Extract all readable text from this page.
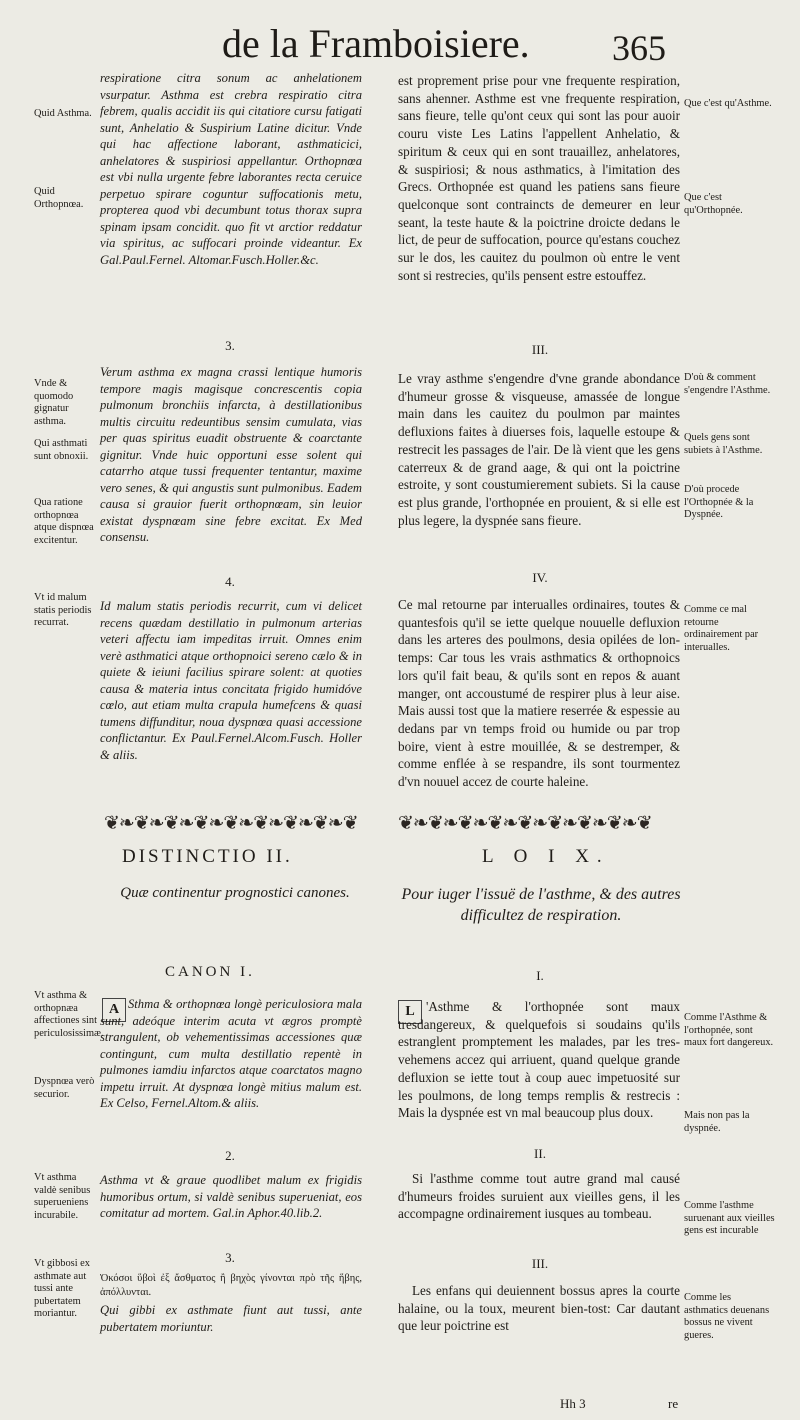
de la Framboisiere. 365
Quid Asthma.
Quid Orthopnœa.
Vnde & quomodo gignatur asthma.
Qui asthmati sunt obnoxii.
Qua ratione orthopnœa atque dispnœa excitentur.
Vt id malum statis periodis recurrat.
Vt asthma & orthopnæa affectiones sint periculosissimæ.
Dyspnœa verò securior.
Vt asthma valdè senibus superueniens incurabile.
Vt gibbosi ex asthmate aut tussi ante pubertatem moriantur.
Que c'est qu'Asthme.
Que c'est qu'Orthopnée.
D'où & comment s'engendre l'Asthme.
Quels gens sont subiets à l'Asthme.
D'où procede l'Orthopnée & la Dyspnée.
Comme ce mal retourne ordinairement par interualles.
Comme l'Asthme & l'orthopnée, sont maux fort dangereux.
Mais non pas la dyspnée.
Comme l'asthme suruenant aux vieilles gens est incurable
Comme les asthmatics deuenans bossus ne vivent gueres.

respiratione citra sonum ac anhelationem vsurpatur. Asthma est crebra respiratio citra febrem, qualis accidit iis qui citatiore cursu fatigati sunt, Anhelatio & Suspirium Latine dicitur. Vnde qui hac affectione laborant, asthmaticici, anhelatores & suspiriosi appellantur. Orthopnœa est vbi nulla urgente febre laborantes recta ceruice perpetuo spirare coguntur suffocationis metu, propterea quod vbi decumbunt totus thorax supra spinam ipsam concidit. quo fit vt arctior reddatur via spiritus, ac suffocari proinde videantur. Ex Gal.Paul.Fernel. Altomar.Fusch.Holler.&c.

3.

Verum asthma ex magna crassi lentique humoris tempore magis magisque concrescentis copia pulmonum bronchiis infarcta, à destillationibus multis circuitu redeuntibus sensim cumulata, vias per quas spiritus euadit obstruente & coarctante gignitur. Vnde huic opportuni esse solent qui catarrho atque tussi frequenter tentantur, maxime vero senes, & qui angustis sunt pulmonibus. Eadem causa si grauior fuerit orthopnœam, sin leuior existat dyspnœam sine febre excitat. Ex Med consensu.

4.

Id malum statis periodis recurrit, cum vi delicet recens quædam destillatio in pulmonum arterias veteri affectu iam impeditas irruit. Omnes enim verè asthmatici atque orthopnoici sereno cælo & in quiete & ieiuni facilius spirare solent: at quoties causa & materia intus concitata frigido humidóve cœlo, aut etiam multa crapula humefcens & quasi tumens diffunditur, noua dyspnœa quasi accessione conflictantur. Ex Paul.Fernel.Alcom.Fusch. Holler & aliis.

est proprement prise pour vne frequente respiration, sans ahenner. Asthme est vne frequente respiration, sans fieure, telle qu'ont ceux qui sont las pour auoir couru viste Les Latins l'appellent Anhelatio, & spiritum & ceux qui en sont trauaillez, anhelatores, & suspiriosi; & nous asthmatics, à l'imitation des Grecs. Orthopnée est quand les patiens sans fieure quelconque sont contraincts de demeurer en leur seant, la teste haute & la poictrine droicte dedans le lict, de peur de suffocation, pource qu'estans couchez sur le dos, les cauitez du poulmon où entre le vent sont si restrecies, qu'ils pensent estre estouffez.

III.

Le vray asthme s'engendre d'vne grande abondance d'humeur grosse & visqueuse, amassée de longue main dans les cauitez du poulmon par maintes defluxions faites à diuerses fois, laquelle estoupe & restrecit les passages de l'air. De là vient que les gens caterreux & de grand aage, & qui ont la poictrine estroite, y sont coustumierement subiets. Si la cause est plus grande, l'orthopnée en prouient, & si elle est plus legere, la dyspnée sans fieure.

IV.

Ce mal retourne par interualles ordinaires, toutes & quantesfois qu'il se iette quelque nouuelle defluxion dans les arteres des poulmons, desia opilées de lon-temps: Car tous les vrais asthmatics & orthopnoics lors qu'il fait beau, & qu'ils sont en repos & auant manger, ont accoustumé de respirer plus à leur aise. Mais aussi tost que la matiere reserrée & espessie au dedans par vn temps froid ou humide ou par trop boire, vient à estre mouillée, & se destremper, & comme enflée à se respandre, ils sont tourmentez d'vn nouuel accez de courte haleine.

❦❧❦❧❦❧❦❧❦❧❦❧❦❧❦❧❦	❦❧❦❧❦❧❦❧❦❧❦❧❦❧❦❧❦
DISTINCTIO II.
Quæ continentur prognostici canones.
CANON I.
A Sthma & orthopnœa longè periculosiora mala sunt, adeóque interim acuta vt ægros promptè strangulent, ob vehementissimas accessiones quæ contingunt, cum multa destillatio repentè in pulmones iamdiu infarctos atque coarctatos magno impetu irruit. At dyspnœa longè mitius malum est. Ex Celso, Fernel.Altom.& aliis.

2.

Asthma vt & graue quodlibet malum ex frigidis humoribus ortum, si valdè senibus superueniat, eos comitatur ad mortem. Gal.in Aphor.40.lib.2.

3.
Ὁκόσοι ὕβοὶ ἐξ ἄσθματος ἢ βηχὸς γίνονται πρὸ τῆς ἥβης, ἀπόλλυνται.

Qui gibbi ex asthmate fiunt aut tussi, ante pubertatem moriuntur.

L O I X.
Pour iuger l'issuë de l'asthme, & des autres difficultez de respiration.
I.
L 'Asthme & l'orthopnée sont maux tresdangereux, & quelquefois si soudains qu'ils estranglent promptement les malades, par les tres-vehemens accez qui arriuent, quand quelque grande defluxion se iette tout à coup auec impetuosité sur les poulmons, de long temps remplis & restrecis : Mais la dyspnée est vn mal beaucoup plus doux.

II.

Si l'asthme comme tout autre grand mal causé d'humeurs froides suruient aux vieilles gens, il les accompagne ordinairement iusques au tombeau.

III.

Les enfans qui deuiennent bossus apres la courte halaine, ou la toux, meurent bien-tost: Car dautant que leur poictrine est

Hh 3	re
